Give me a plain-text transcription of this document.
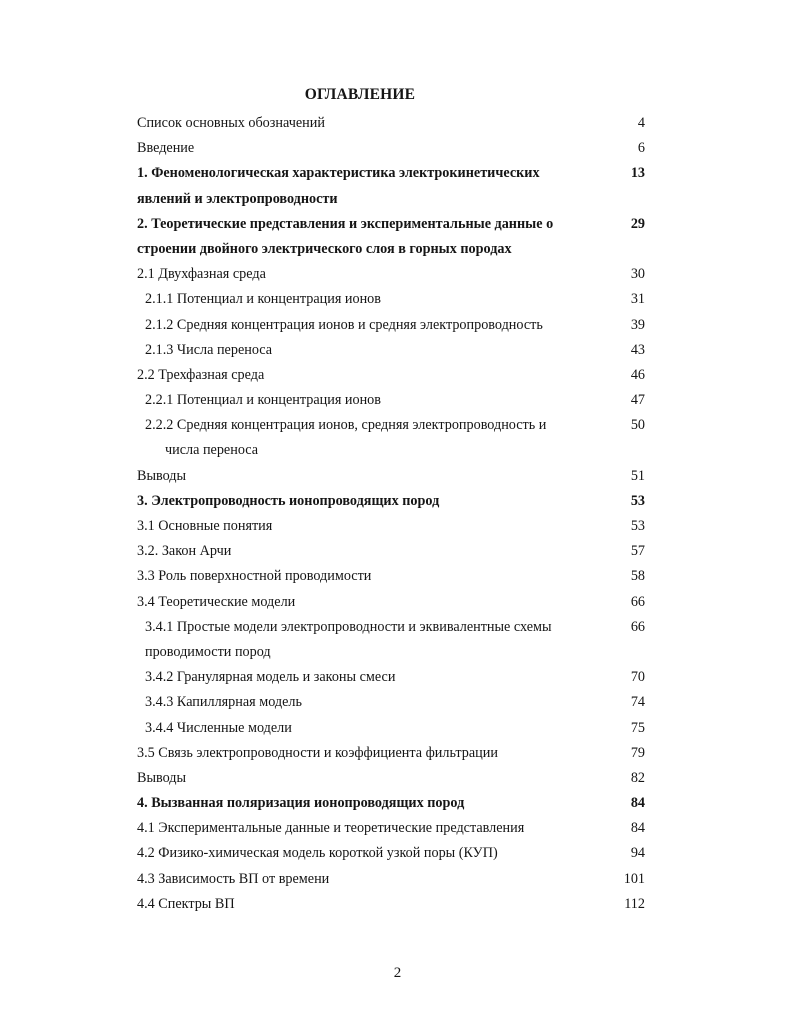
ОГЛАВЛЕНИЕ
Список основных обозначений	4
Введение	6
1. Феноменологическая характеристика электрокинетических	13
явлений и электропроводности
2. Теоретические представления и экспериментальные данные о	29
строении двойного электрического слоя в горных породах
2.1 Двухфазная среда	30
2.1.1 Потенциал и концентрация ионов	31
2.1.2 Средняя концентрация ионов и средняя электропроводность	39
2.1.3 Числа переноса	43
2.2 Трехфазная среда	46
2.2.1 Потенциал и концентрация ионов	47
2.2.2 Средняя концентрация ионов, средняя электропроводность и	50
числа переноса
Выводы	51
3. Электропроводность ионопроводящих пород	53
3.1 Основные понятия	53
3.2. Закон Арчи	57
3.3 Роль поверхностной проводимости	58
3.4 Теоретические модели	66
3.4.1 Простые модели электропроводности и эквивалентные схемы	66
проводимости пород
3.4.2 Гранулярная модель и законы смеси	70
3.4.3 Капиллярная модель	74
3.4.4 Численные модели	75
3.5 Связь электропроводности и коэффициента фильтрации	79
Выводы	82
4. Вызванная поляризация ионопроводящих пород	84
4.1 Экспериментальные данные и теоретические представления	84
4.2 Физико-химическая модель короткой узкой поры (КУП)	94
4.3 Зависимость ВП от времени	101
4.4 Спектры ВП	112
2
